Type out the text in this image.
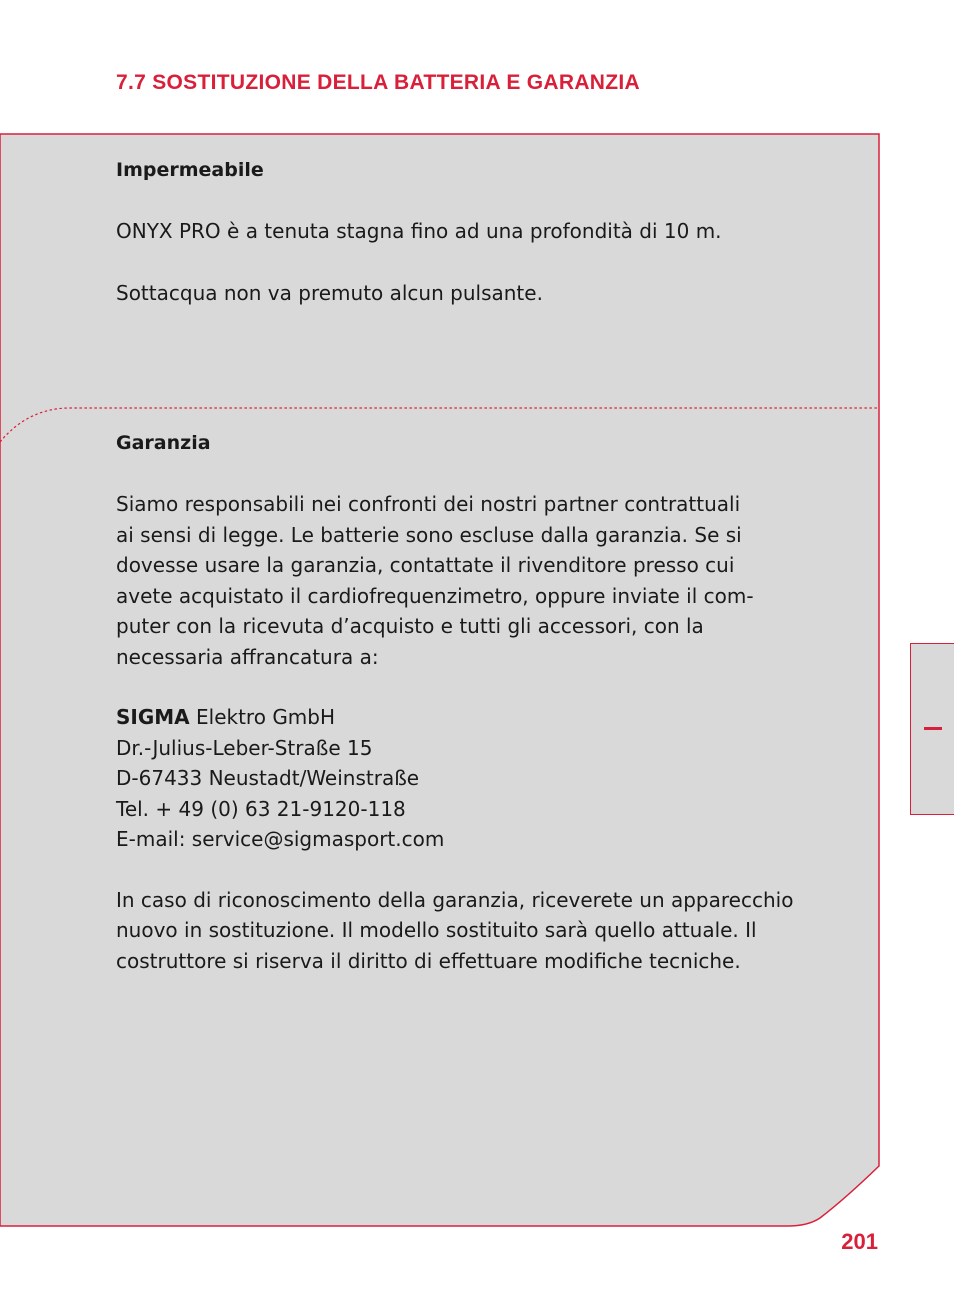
7.7 SOSTITUZIONE DELLA BATTERIA E GARANZIA

Impermeabile

ONYX PRO è a tenuta stagna fino ad una profondità di 10 m.

Sottacqua non va premuto alcun pulsante.

Garanzia

Siamo responsabili nei confronti dei nostri partner contrattuali

ai sensi di legge. Le batterie sono escluse dalla garanzia. Se si

dovesse usare la garanzia, contattate il rivenditore presso cui

avete acquistato il cardiofrequenzimetro, oppure inviate il com-

puter con la ricevuta d’acquisto e tutti gli accessori, con la

necessaria affrancatura a:

SIGMA Elektro GmbH

Dr.-Julius-Leber-Straße 15

D-67433 Neustadt/Weinstraße

Tel. + 49 (0) 63 21-9120-118

E-mail: service@sigmasport.com

In caso di riconoscimento della garanzia, riceverete un apparecchio

nuovo in sostituzione. Il modello sostituito sarà quello attuale. Il

costruttore si riserva il diritto di effettuare modifiche tecniche.

201
